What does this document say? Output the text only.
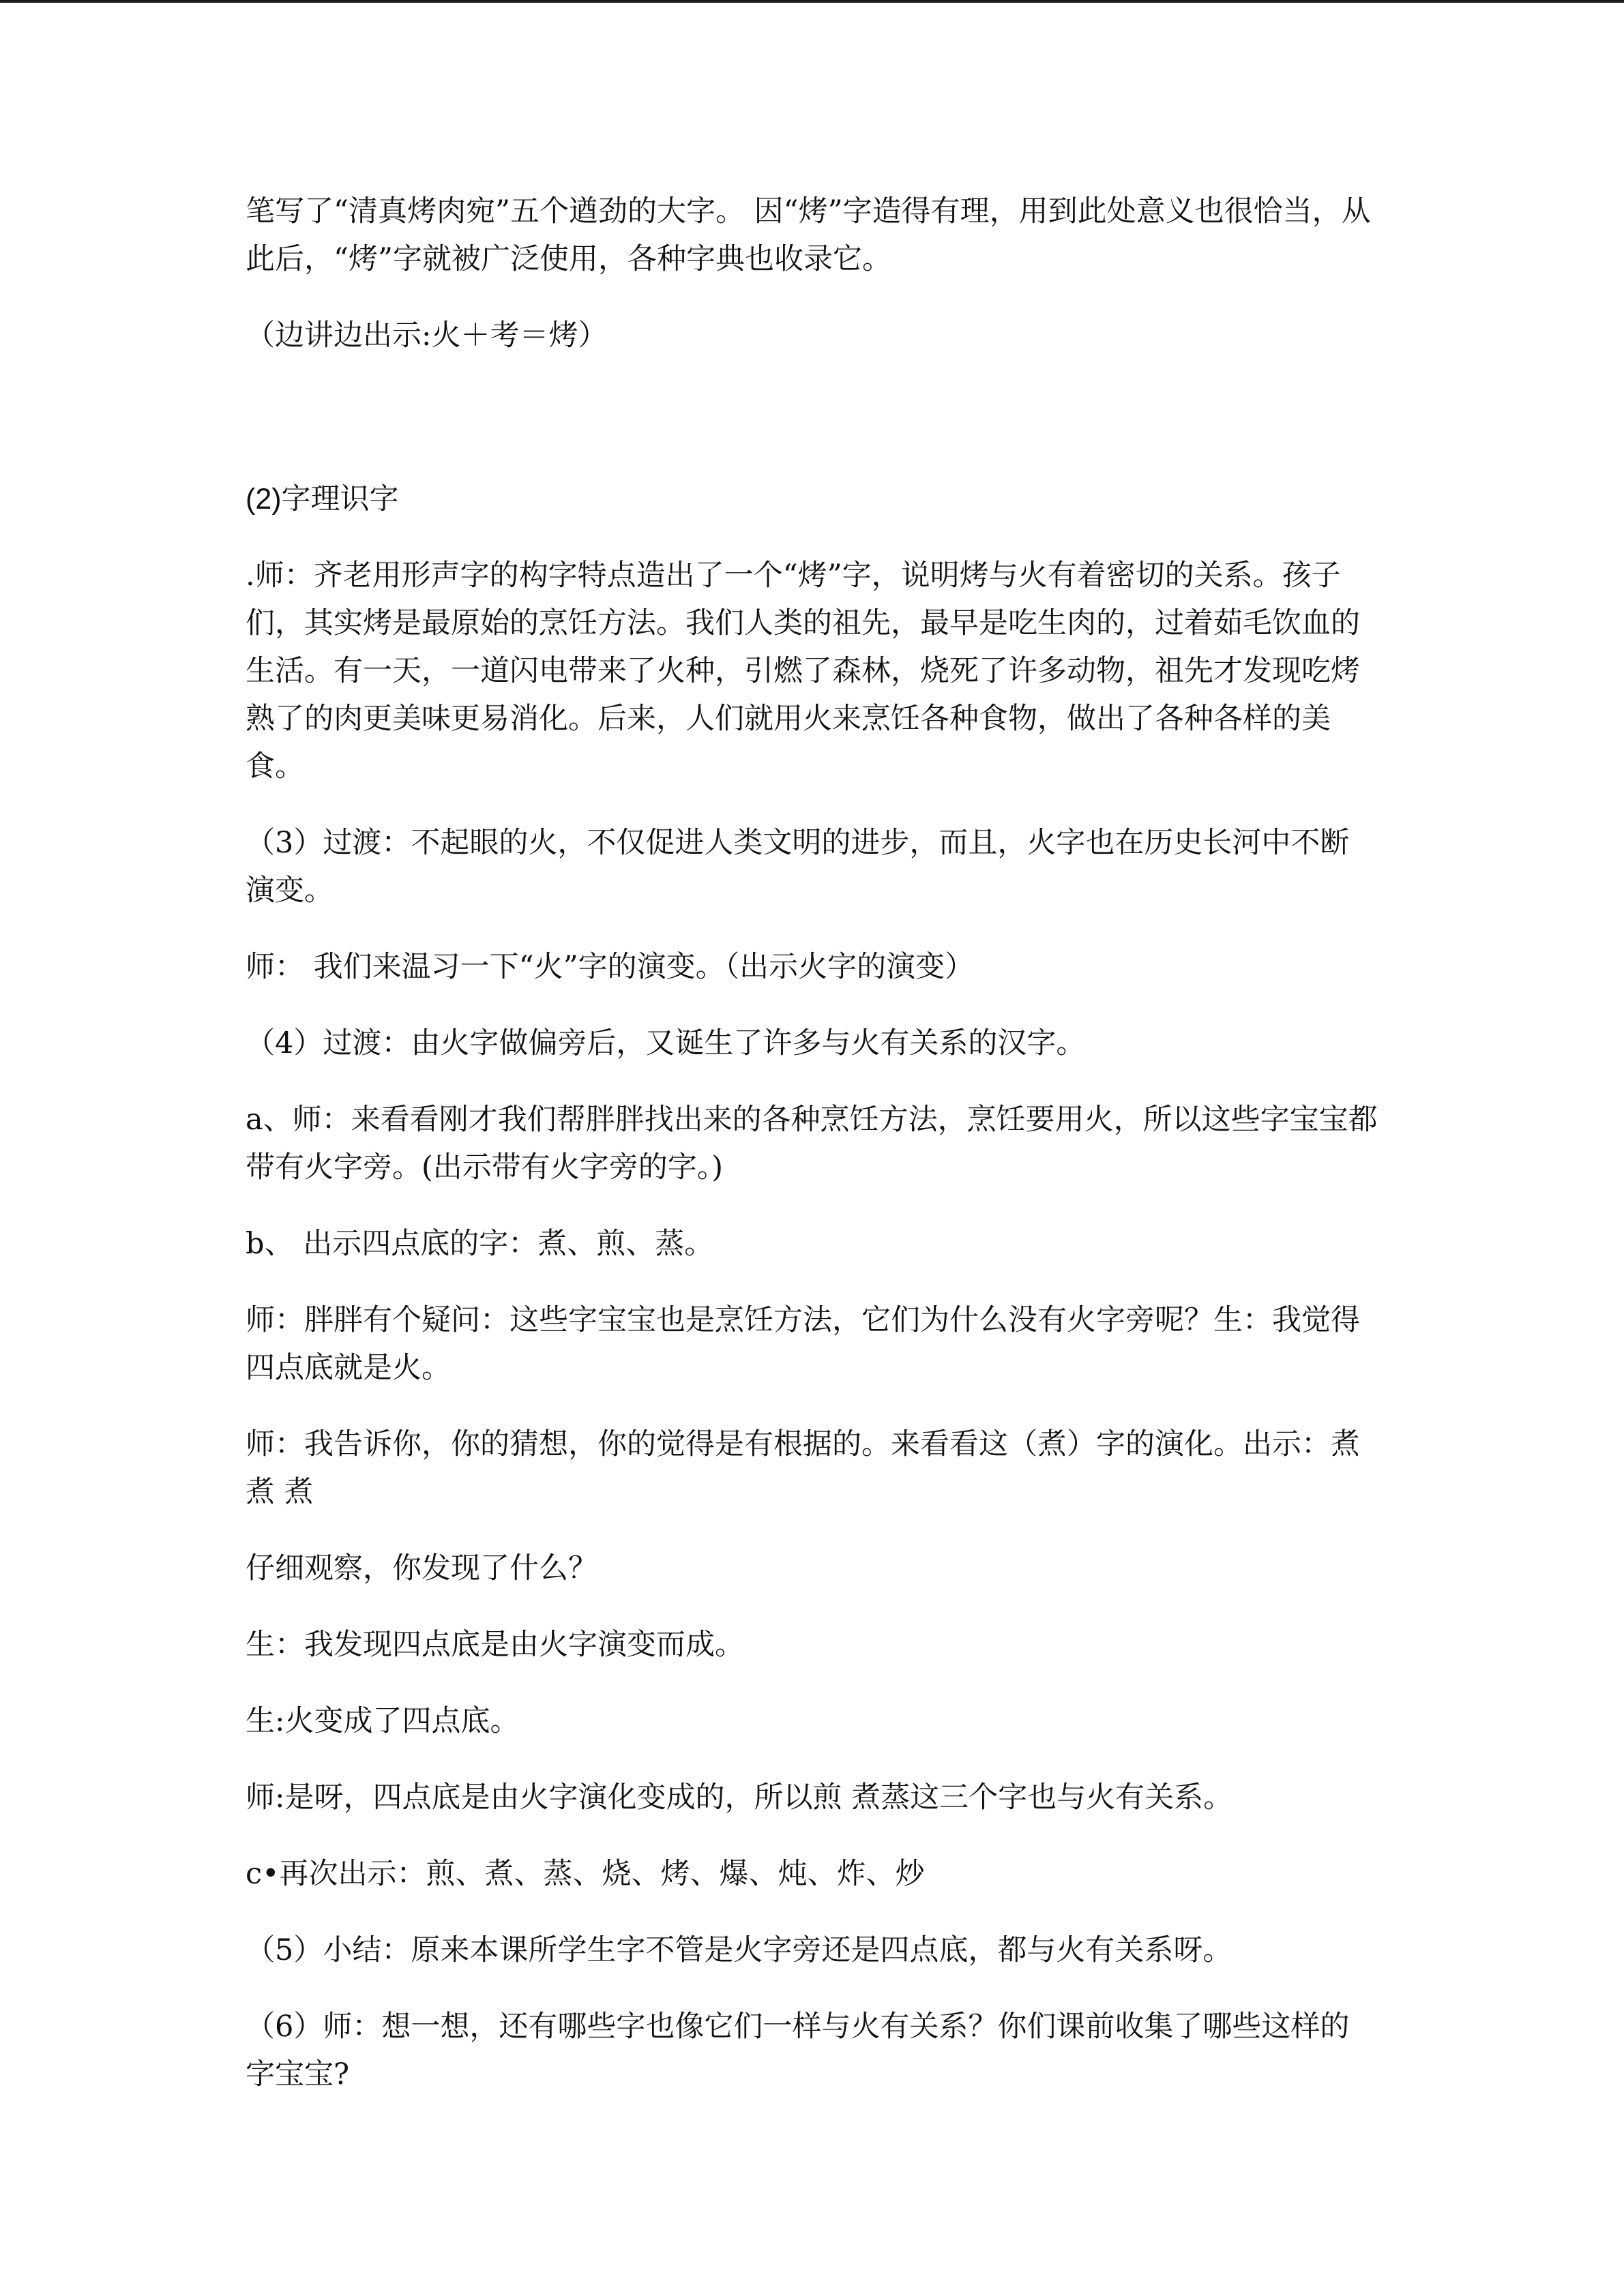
笔写了“清真烤肉宛”五个遒劲的大字。 因“烤”字造得有理，用到此处意义也很恰当，从此后，“烤”字就被广泛使用，各种字典也收录它。

（边讲边出示:火＋考＝烤）

(2)字理识字

.师：齐老用形声字的构字特点造出了一个“烤”字，说明烤与火有着密切的关系。孩子们，其实烤是最原始的烹饪方法。我们人类的祖先，最早是吃生肉的，过着茹毛饮血的生活。有一天，一道闪电带来了火种，引燃了森林，烧死了许多动物，祖先才发现吃烤熟了的肉更美味更易消化。后来，人们就用火来烹饪各种食物，做出了各种各样的美食。

（3）过渡：不起眼的火，不仅促进人类文明的进步，而且，火字也在历史长河中不断演变。

师： 我们来温习一下“火”字的演变。（出示火字的演变）

（4）过渡：由火字做偏旁后，又诞生了许多与火有关系的汉字。

a、师：来看看刚才我们帮胖胖找出来的各种烹饪方法，烹饪要用火，所以这些字宝宝都带有火字旁。(出示带有火字旁的字。)

b、 出示四点底的字：煮、煎、蒸。

师：胖胖有个疑问：这些字宝宝也是烹饪方法，它们为什么没有火字旁呢？生：我觉得四点底就是火。

师：我告诉你，你的猜想，你的觉得是有根据的。来看看这（煮）字的演化。出示：煮 煮 煮

仔细观察，你发现了什么？

生：我发现四点底是由火字演变而成。

生:火变成了四点底。

师:是呀，四点底是由火字演化变成的，所以煎 煮蒸这三个字也与火有关系。

c•再次出示：煎、煮、蒸、烧、烤、爆、炖、炸、炒

（5）小结：原来本课所学生字不管是火字旁还是四点底，都与火有关系呀。

（6）师：想一想，还有哪些字也像它们一样与火有关系？你们课前收集了哪些这样的字宝宝?
